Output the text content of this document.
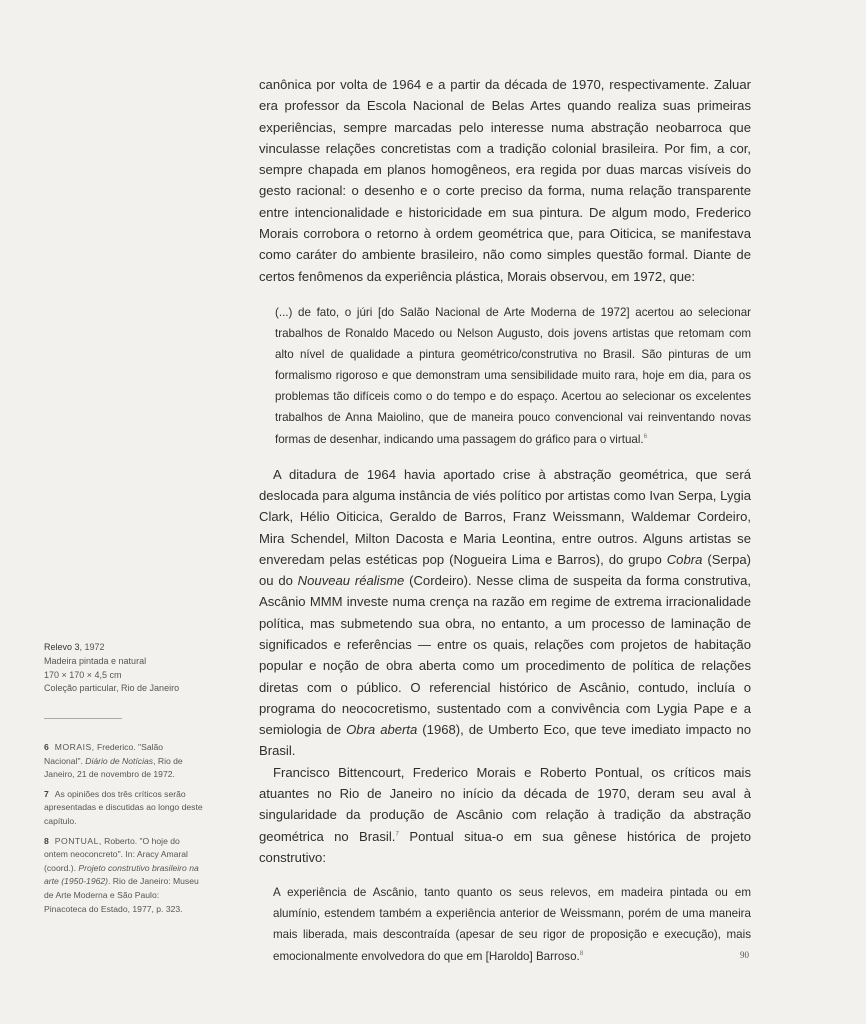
canônica por volta de 1964 e a partir da década de 1970, respectivamente. Zaluar era professor da Escola Nacional de Belas Artes quando realiza suas primeiras experiências, sempre marcadas pelo interesse numa abstração neobarroca que vinculasse relações concretistas com a tradição colonial brasileira. Por fim, a cor, sempre chapada em planos homogêneos, era regida por duas marcas visíveis do gesto racional: o desenho e o corte preciso da forma, numa relação transparente entre intencionalidade e historicidade em sua pintura. De algum modo, Frederico Morais corrobora o retorno à ordem geométrica que, para Oiticica, se manifestava como caráter do ambiente brasileiro, não como simples questão formal. Diante de certos fenômenos da experiência plástica, Morais observou, em 1972, que:

(...) de fato, o júri [do Salão Nacional de Arte Moderna de 1972] acertou ao selecionar trabalhos de Ronaldo Macedo ou Nelson Augusto, dois jovens artistas que retomam com alto nível de qualidade a pintura geométrico/construtiva no Brasil. São pinturas de um formalismo rigoroso e que demonstram uma sensibilidade muito rara, hoje em dia, para os problemas tão difíceis como o do tempo e do espaço. Acertou ao selecionar os excelentes trabalhos de Anna Maiolino, que de maneira pouco convencional vai reinventando novas formas de desenhar, indicando uma passagem do gráfico para o virtual.$^6$

A ditadura de 1964 havia aportado crise à abstração geométrica, que será deslocada para alguma instância de viés político por artistas como Ivan Serpa, Lygia Clark, Hélio Oiticica, Geraldo de Barros, Franz Weissmann, Waldemar Cordeiro, Mira Schendel, Milton Dacosta e Maria Leontina, entre outros. Alguns artistas se enveredam pelas estéticas pop (Nogueira Lima e Barros), do grupo Cobra (Serpa) ou do Nouveau réalisme (Cordeiro). Nesse clima de suspeita da forma construtiva, Ascânio MMM investe numa crença na razão em regime de extrema irracionalidade política, mas submetendo sua obra, no entanto, a um processo de laminação de significados e referências — entre os quais, relações com projetos de habitação popular e noção de obra aberta como um procedimento de política de relações diretas com o público. O referencial histórico de Ascânio, contudo, incluía o programa do neococretismo, sustentado com a convivência com Lygia Pape e a semiologia de Obra aberta (1968), de Umberto Eco, que teve imediato impacto no Brasil.

Francisco Bittencourt, Frederico Morais e Roberto Pontual, os críticos mais atuantes no Rio de Janeiro no início da década de 1970, deram seu aval à singularidade da produção de Ascânio com relação à tradição da abstração geométrica no Brasil.$^7$ Pontual situa-o em sua gênese histórica de projeto construtivo:

A experiência de Ascânio, tanto quanto os seus relevos, em madeira pintada ou em alumínio, estendem também a experiência anterior de Weissmann, porém de uma maneira mais liberada, mais descontraída (apesar de seu rigor de proposição e execução), mais emocionalmente envolvedora do que em [Haroldo] Barroso.$^8$

Relevo 3, 1972
Madeira pintada e natural
170 × 170 × 4,5 cm
Coleção particular, Rio de Janeiro
6 MORAIS, Frederico. "Salão Nacional". Diário de Notícias, Rio de Janeiro, 21 de novembro de 1972.
7 As opiniões dos três críticos serão apresentadas e discutidas ao longo deste capítulo.
8 PONTUAL, Roberto. "O hoje do ontem neoconcreto". In: Aracy Amaral (coord.). Projeto construtivo brasileiro na arte (1950-1962). Rio de Janeiro: Museu de Arte Moderna e São Paulo: Pinacoteca do Estado, 1977, p. 323.
90
